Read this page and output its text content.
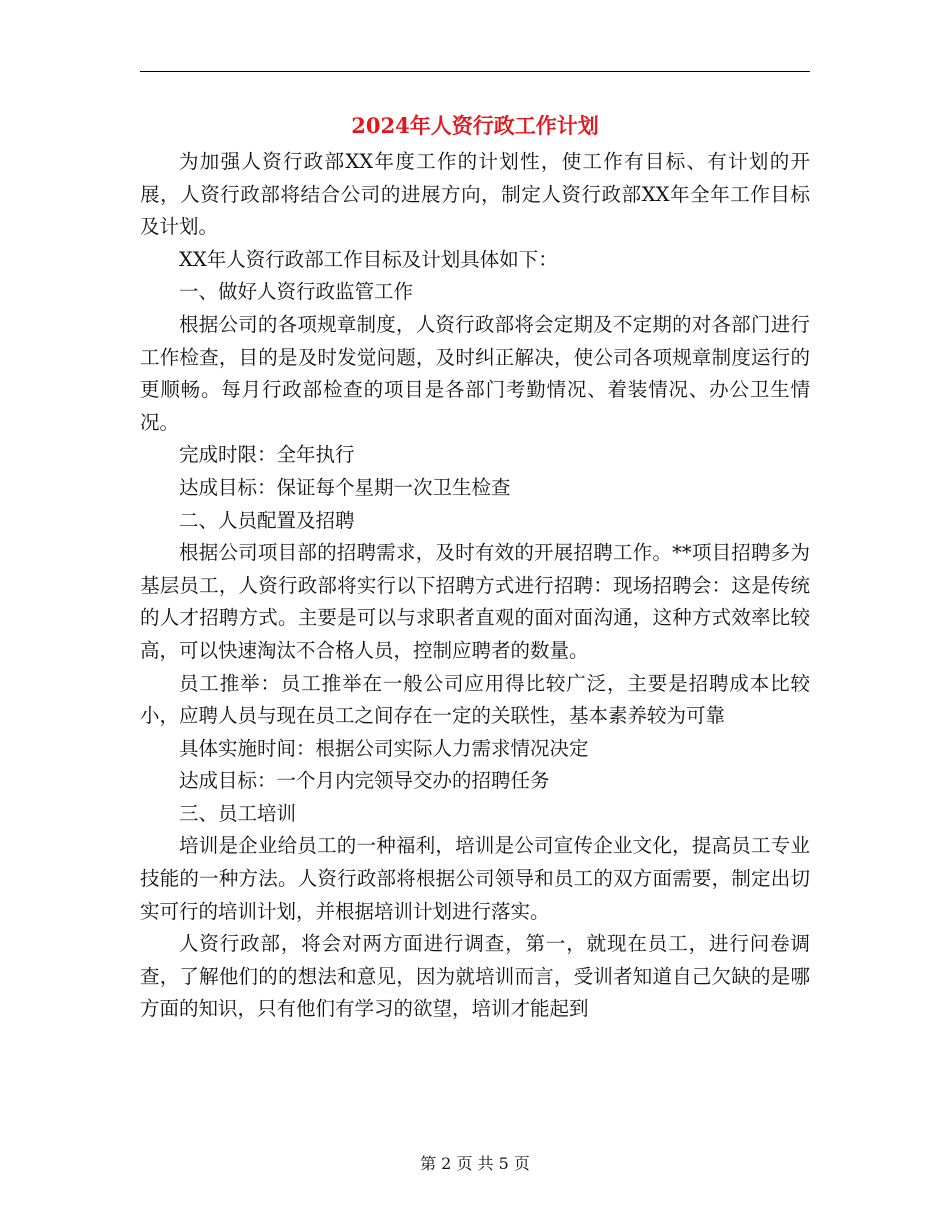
2024年人资行政工作计划

为加强人资行政部XX年度工作的计划性，使工作有目标、有计划的开展，人资行政部将结合公司的进展方向，制定人资行政部XX年全年工作目标及计划。

XX年人资行政部工作目标及计划具体如下：

一、做好人资行政监管工作

根据公司的各项规章制度，人资行政部将会定期及不定期的对各部门进行工作检查，目的是及时发觉问题，及时纠正解决，使公司各项规章制度运行的更顺畅。每月行政部检查的项目是各部门考勤情况、着装情况、办公卫生情况。

完成时限：全年执行

达成目标：保证每个星期一次卫生检查

二、人员配置及招聘

根据公司项目部的招聘需求，及时有效的开展招聘工作。**项目招聘多为基层员工，人资行政部将实行以下招聘方式进行招聘：现场招聘会：这是传统的人才招聘方式。主要是可以与求职者直观的面对面沟通，这种方式效率比较高，可以快速淘汰不合格人员，控制应聘者的数量。

员工推举：员工推举在一般公司应用得比较广泛，主要是招聘成本比较小，应聘人员与现在员工之间存在一定的关联性，基本素养较为可靠

具体实施时间：根据公司实际人力需求情况决定

达成目标：一个月内完领导交办的招聘任务

三、员工培训

培训是企业给员工的一种福利，培训是公司宣传企业文化，提高员工专业技能的一种方法。人资行政部将根据公司领导和员工的双方面需要，制定出切实可行的培训计划，并根据培训计划进行落实。

人资行政部，将会对两方面进行调查，第一，就现在员工，进行问卷调查，了解他们的的想法和意见，因为就培训而言，受训者知道自己欠缺的是哪方面的知识，只有他们有学习的欲望，培训才能起到

第 2 页 共 5 页
